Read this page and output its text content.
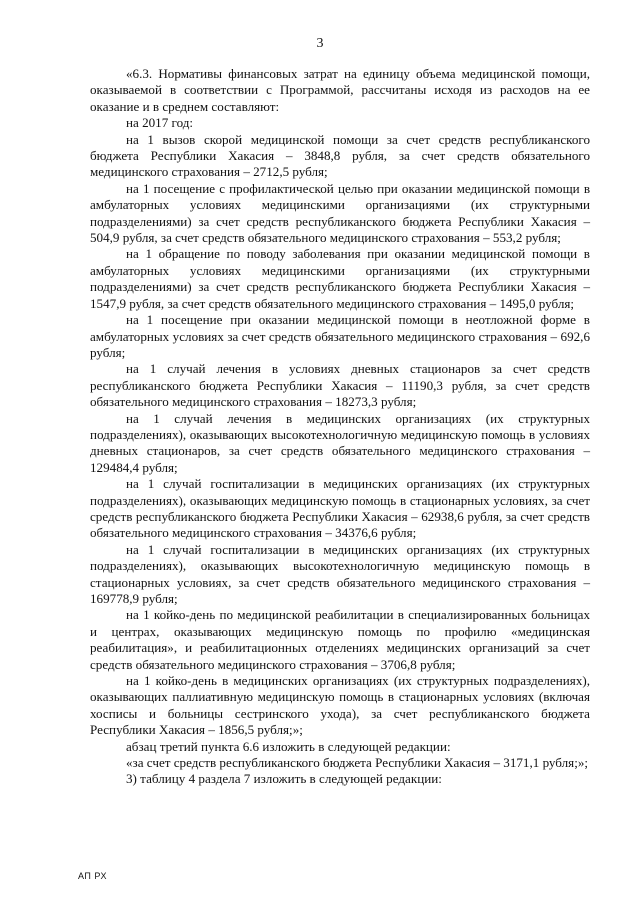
3

«6.3. Нормативы финансовых затрат на единицу объема медицинской помощи, оказываемой в соответствии с Программой, рассчитаны исходя из расходов на ее оказание и в среднем составляют:

на 2017 год:

на 1 вызов скорой медицинской помощи за счет средств республиканского бюджета Республики Хакасия – 3848,8 рубля, за счет средств обязательного медицинского страхования – 2712,5 рубля;

на 1 посещение с профилактической целью при оказании медицинской помощи в амбулаторных условиях медицинскими организациями (их структурными подразделениями) за счет средств республиканского бюджета Республики Хакасия – 504,9 рубля, за счет средств обязательного медицинского страхования – 553,2 рубля;

на 1 обращение по поводу заболевания при оказании медицинской помощи в амбулаторных условиях медицинскими организациями (их структурными подразделениями) за счет средств республиканского бюджета Республики Хакасия – 1547,9 рубля, за счет средств обязательного медицинского страхования – 1495,0 рубля;

на 1 посещение при оказании медицинской помощи в неотложной форме в амбулаторных условиях за счет средств обязательного медицинского страхования – 692,6 рубля;

на 1 случай лечения в условиях дневных стационаров за счет средств республиканского бюджета Республики Хакасия – 11190,3 рубля, за счет средств обязательного медицинского страхования – 18273,3 рубля;

на 1 случай лечения в медицинских организациях (их структурных подразделениях), оказывающих высокотехнологичную медицинскую помощь в условиях дневных стационаров, за счет средств обязательного медицинского страхования – 129484,4 рубля;

на 1 случай госпитализации в медицинских организациях (их структурных подразделениях), оказывающих медицинскую помощь в стационарных условиях, за счет средств республиканского бюджета Республики Хакасия – 62938,6 рубля, за счет средств обязательного медицинского страхования – 34376,6 рубля;

на 1 случай госпитализации в медицинских организациях (их структурных подразделениях), оказывающих высокотехнологичную медицинскую помощь в стационарных условиях, за счет средств обязательного медицинского страхования – 169778,9 рубля;

на 1 койко-день по медицинской реабилитации в специализированных больницах и центрах, оказывающих медицинскую помощь по профилю «медицинская реабилитация», и реабилитационных отделениях медицинских организаций за счет средств обязательного медицинского страхования – 3706,8 рубля;

на 1 койко-день в медицинских организациях (их структурных подразделениях), оказывающих паллиативную медицинскую помощь в стационарных условиях (включая хосписы и больницы сестринского ухода), за счет республиканского бюджета Республики Хакасия – 1856,5 рубля;»;

абзац третий пункта 6.6 изложить в следующей редакции:

«за счет средств республиканского бюджета Республики Хакасия – 3171,1 рубля;»;

3) таблицу 4 раздела 7 изложить в следующей редакции:

АП РХ
